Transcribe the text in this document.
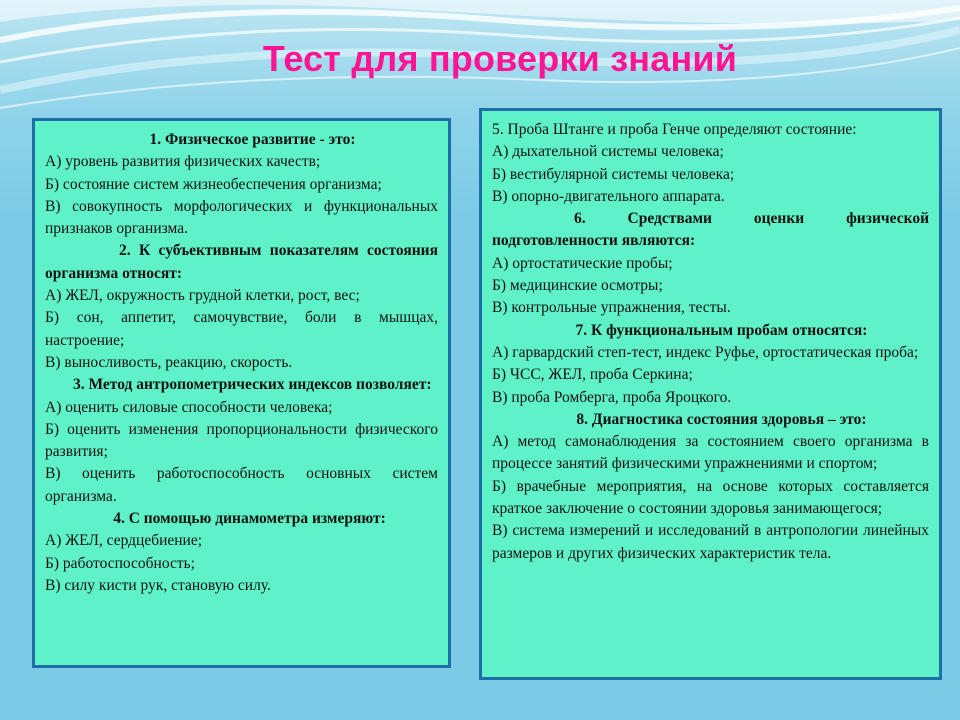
Тест для проверки знаний
1. Физическое развитие - это:
А) уровень развития физических качеств;
Б) состояние систем жизнеобеспечения организма;
В) совокупность морфологических и функциональных признаков организма.
2. К субъективным показателям состояния организма относят:
А) ЖЕЛ, окружность грудной клетки, рост, вес;
Б) сон, аппетит, самочувствие, боли в мышцах, настроение;
В) выносливость, реакцию, скорость.
3. Метод антропометрических индексов позволяет:
А) оценить силовые способности человека;
Б) оценить изменения пропорциональности физического развития;
В) оценить работоспособность основных систем организма.
4. С помощью динамометра измеряют:
А) ЖЕЛ, сердцебиение;
Б) работоспособность;
В) силу кисти рук, становую силу.
5. Проба Штанге и проба Генче определяют состояние:
А) дыхательной системы человека;
Б) вестибулярной системы человека;
В) опорно-двигательного аппарата.
6. Средствами оценки физической подготовленности являются:
А) ортостатические пробы;
Б) медицинские осмотры;
В) контрольные упражнения, тесты.
7. К функциональным пробам относятся:
А) гарвардский степ-тест, индекс Руфье, ортостатическая проба;
Б) ЧСС, ЖЕЛ, проба Серкина;
В) проба Ромберга, проба Яроцкого.
8. Диагностика состояния здоровья – это:
А) метод самонаблюдения за состоянием своего организма в процессе занятий физическими упражнениями и спортом;
Б) врачебные мероприятия, на основе которых составляется краткое заключение о состоянии здоровья занимающегося;
В) система измерений и исследований в антропологии линейных размеров и других физических характеристик тела.
